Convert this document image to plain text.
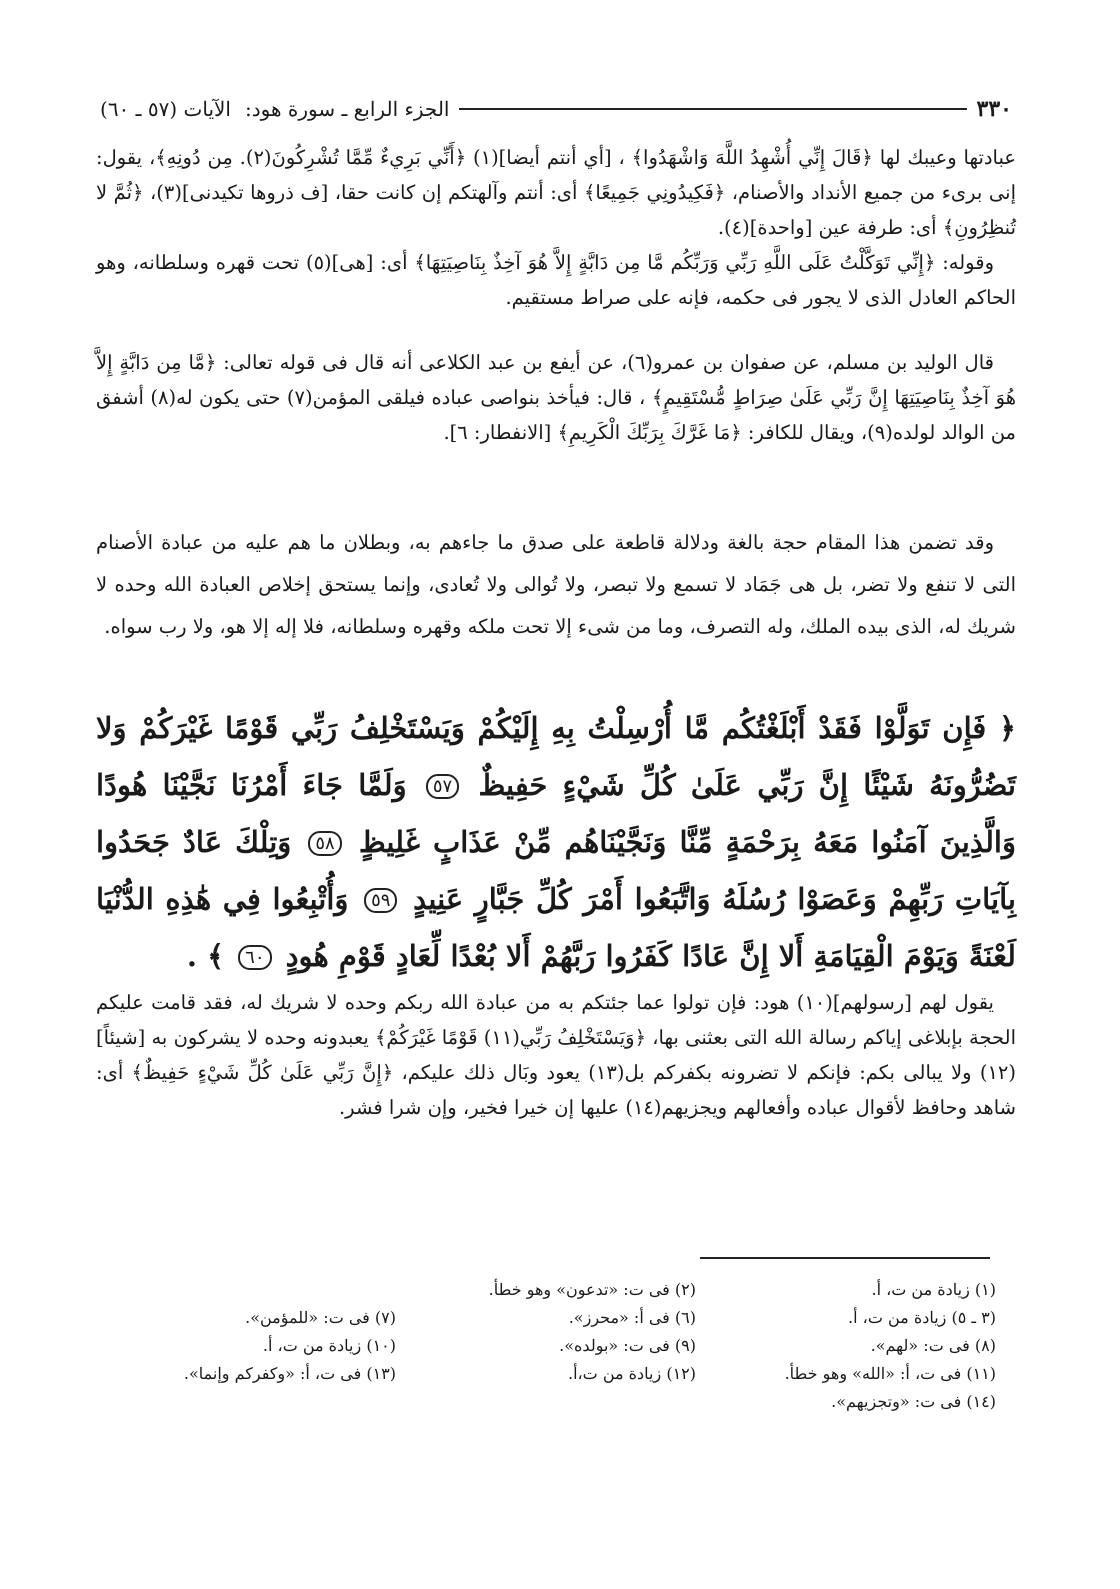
٣٣٠
الجزء الرابع ـ سورة هود:
الآيات (٥٧ ـ ٦٠)

عبادتها وعيبك لها ﴿قَالَ إِنِّي أُشْهِدُ اللَّهَ وَاشْهَدُوا﴾ ، [أي أنتم أيضا](١) ﴿أَنِّي بَرِيءٌ مِّمَّا تُشْرِكُونَ(٢). مِن دُونِهِ﴾، يقول: إنى برىء من جميع الأنداد والأصنام، ﴿فَكِيدُونِي جَمِيعًا﴾ أى: أنتم وآلهتكم إن كانت حقا، [ف ذروها تكيدنى](٣)، ﴿ثُمَّ لا تُنظِرُونِ﴾ أى: طرفة عين [واحدة](٤).

وقوله: ﴿إِنِّي تَوَكَّلْتُ عَلَى اللَّهِ رَبِّي وَرَبِّكُم مَّا مِن دَابَّةٍ إِلاَّ هُوَ آخِذٌ بِنَاصِيَتِهَا﴾ أى: [هى](٥) تحت قهره وسلطانه، وهو الحاكم العادل الذى لا يجور فى حكمه، فإنه على صراط مستقيم.

قال الوليد بن مسلم، عن صفوان بن عمرو(٦)، عن أيفع بن عبد الكلاعى أنه قال فى قوله تعالى: ﴿مَّا مِن دَابَّةٍ إِلاَّ هُوَ آخِذٌ بِنَاصِيَتِهَا إِنَّ رَبِّي عَلَىٰ صِرَاطٍ مُّسْتَقِيمٍ﴾ ، قال: فيأخذ بنواصى عباده فيلقى المؤمن(٧) حتى يكون له(٨) أشفق من الوالد لولده(٩)، ويقال للكافر: ﴿مَا غَرَّكَ بِرَبِّكَ الْكَرِيمِ﴾ [الانفطار: ٦].

وقد تضمن هذا المقام حجة بالغة ودلالة قاطعة على صدق ما جاءهم به، وبطلان ما هم عليه من عبادة الأصنام التى لا تنفع ولا تضر، بل هى جَمَاد لا تسمع ولا تبصر، ولا تُوالى ولا تُعادى، وإنما يستحق إخلاص العبادة الله وحده لا شريك له، الذى بيده الملك، وله التصرف، وما من شىء إلا تحت ملكه وقهره وسلطانه، فلا إله إلا هو، ولا رب سواه.

﴿ فَإِن تَوَلَّوْا فَقَدْ أَبْلَغْتُكُم مَّا أُرْسِلْتُ بِهِ إِلَيْكُمْ وَيَسْتَخْلِفُ رَبِّي قَوْمًا غَيْرَكُمْ وَلا تَضُرُّونَهُ شَيْئًا إِنَّ رَبِّي عَلَىٰ كُلِّ شَيْءٍ حَفِيظٌ ٥٧ وَلَمَّا جَاءَ أَمْرُنَا نَجَّيْنَا هُودًا وَالَّذِينَ آمَنُوا مَعَهُ بِرَحْمَةٍ مِّنَّا وَنَجَّيْنَاهُم مِّنْ عَذَابٍ غَلِيظٍ ٥٨ وَتِلْكَ عَادٌ جَحَدُوا بِآيَاتِ رَبِّهِمْ وَعَصَوْا رُسُلَهُ وَاتَّبَعُوا أَمْرَ كُلِّ جَبَّارٍ عَنِيدٍ ٥٩ وَأُتْبِعُوا فِي هَٰذِهِ الدُّنْيَا لَعْنَةً وَيَوْمَ الْقِيَامَةِ أَلا إِنَّ عَادًا كَفَرُوا رَبَّهُمْ أَلا بُعْدًا لِّعَادٍ قَوْمِ هُودٍ ٦٠ ﴾ .

يقول لهم [رسولهم](١٠) هود: فإن تولوا عما جئتكم به من عبادة الله ربكم وحده لا شريك له، فقد قامت عليكم الحجة بإبلاغى إياكم رسالة الله التى بعثنى بها، ﴿وَيَسْتَخْلِفُ رَبِّي(١١) قَوْمًا غَيْرَكُمْ﴾ يعبدونه وحده لا يشركون به [شيئاً](١٢) ولا يبالى بكم: فإنكم لا تضرونه بكفركم بل(١٣) يعود وبَال ذلك عليكم، ﴿إِنَّ رَبِّي عَلَىٰ كُلِّ شَيْءٍ حَفِيظٌ﴾ أى: شاهد وحافظ لأقوال عباده وأفعالهم ويجزيهم(١٤) عليها إن خيرا فخير، وإن شرا فشر.

(١) زيادة من ت، أ.
(٢) فى ت: «تدعون» وهو خطأ.
(٣ ـ ٥) زيادة من ت، أ.
(٦) فى أ: «محرز».
(٧) فى ت: «للمؤمن».
(٨) فى ت: «لهم».
(٩) فى ت: «بولده».
(١٠) زيادة من ت، أ.
(١١) فى ت، أ: «الله» وهو خطأ.
(١٢) زيادة من ت،أ.
(١٣) فى ت، أ: «وكفركم وإنما».
(١٤) فى ت: «وتجزيهم».
